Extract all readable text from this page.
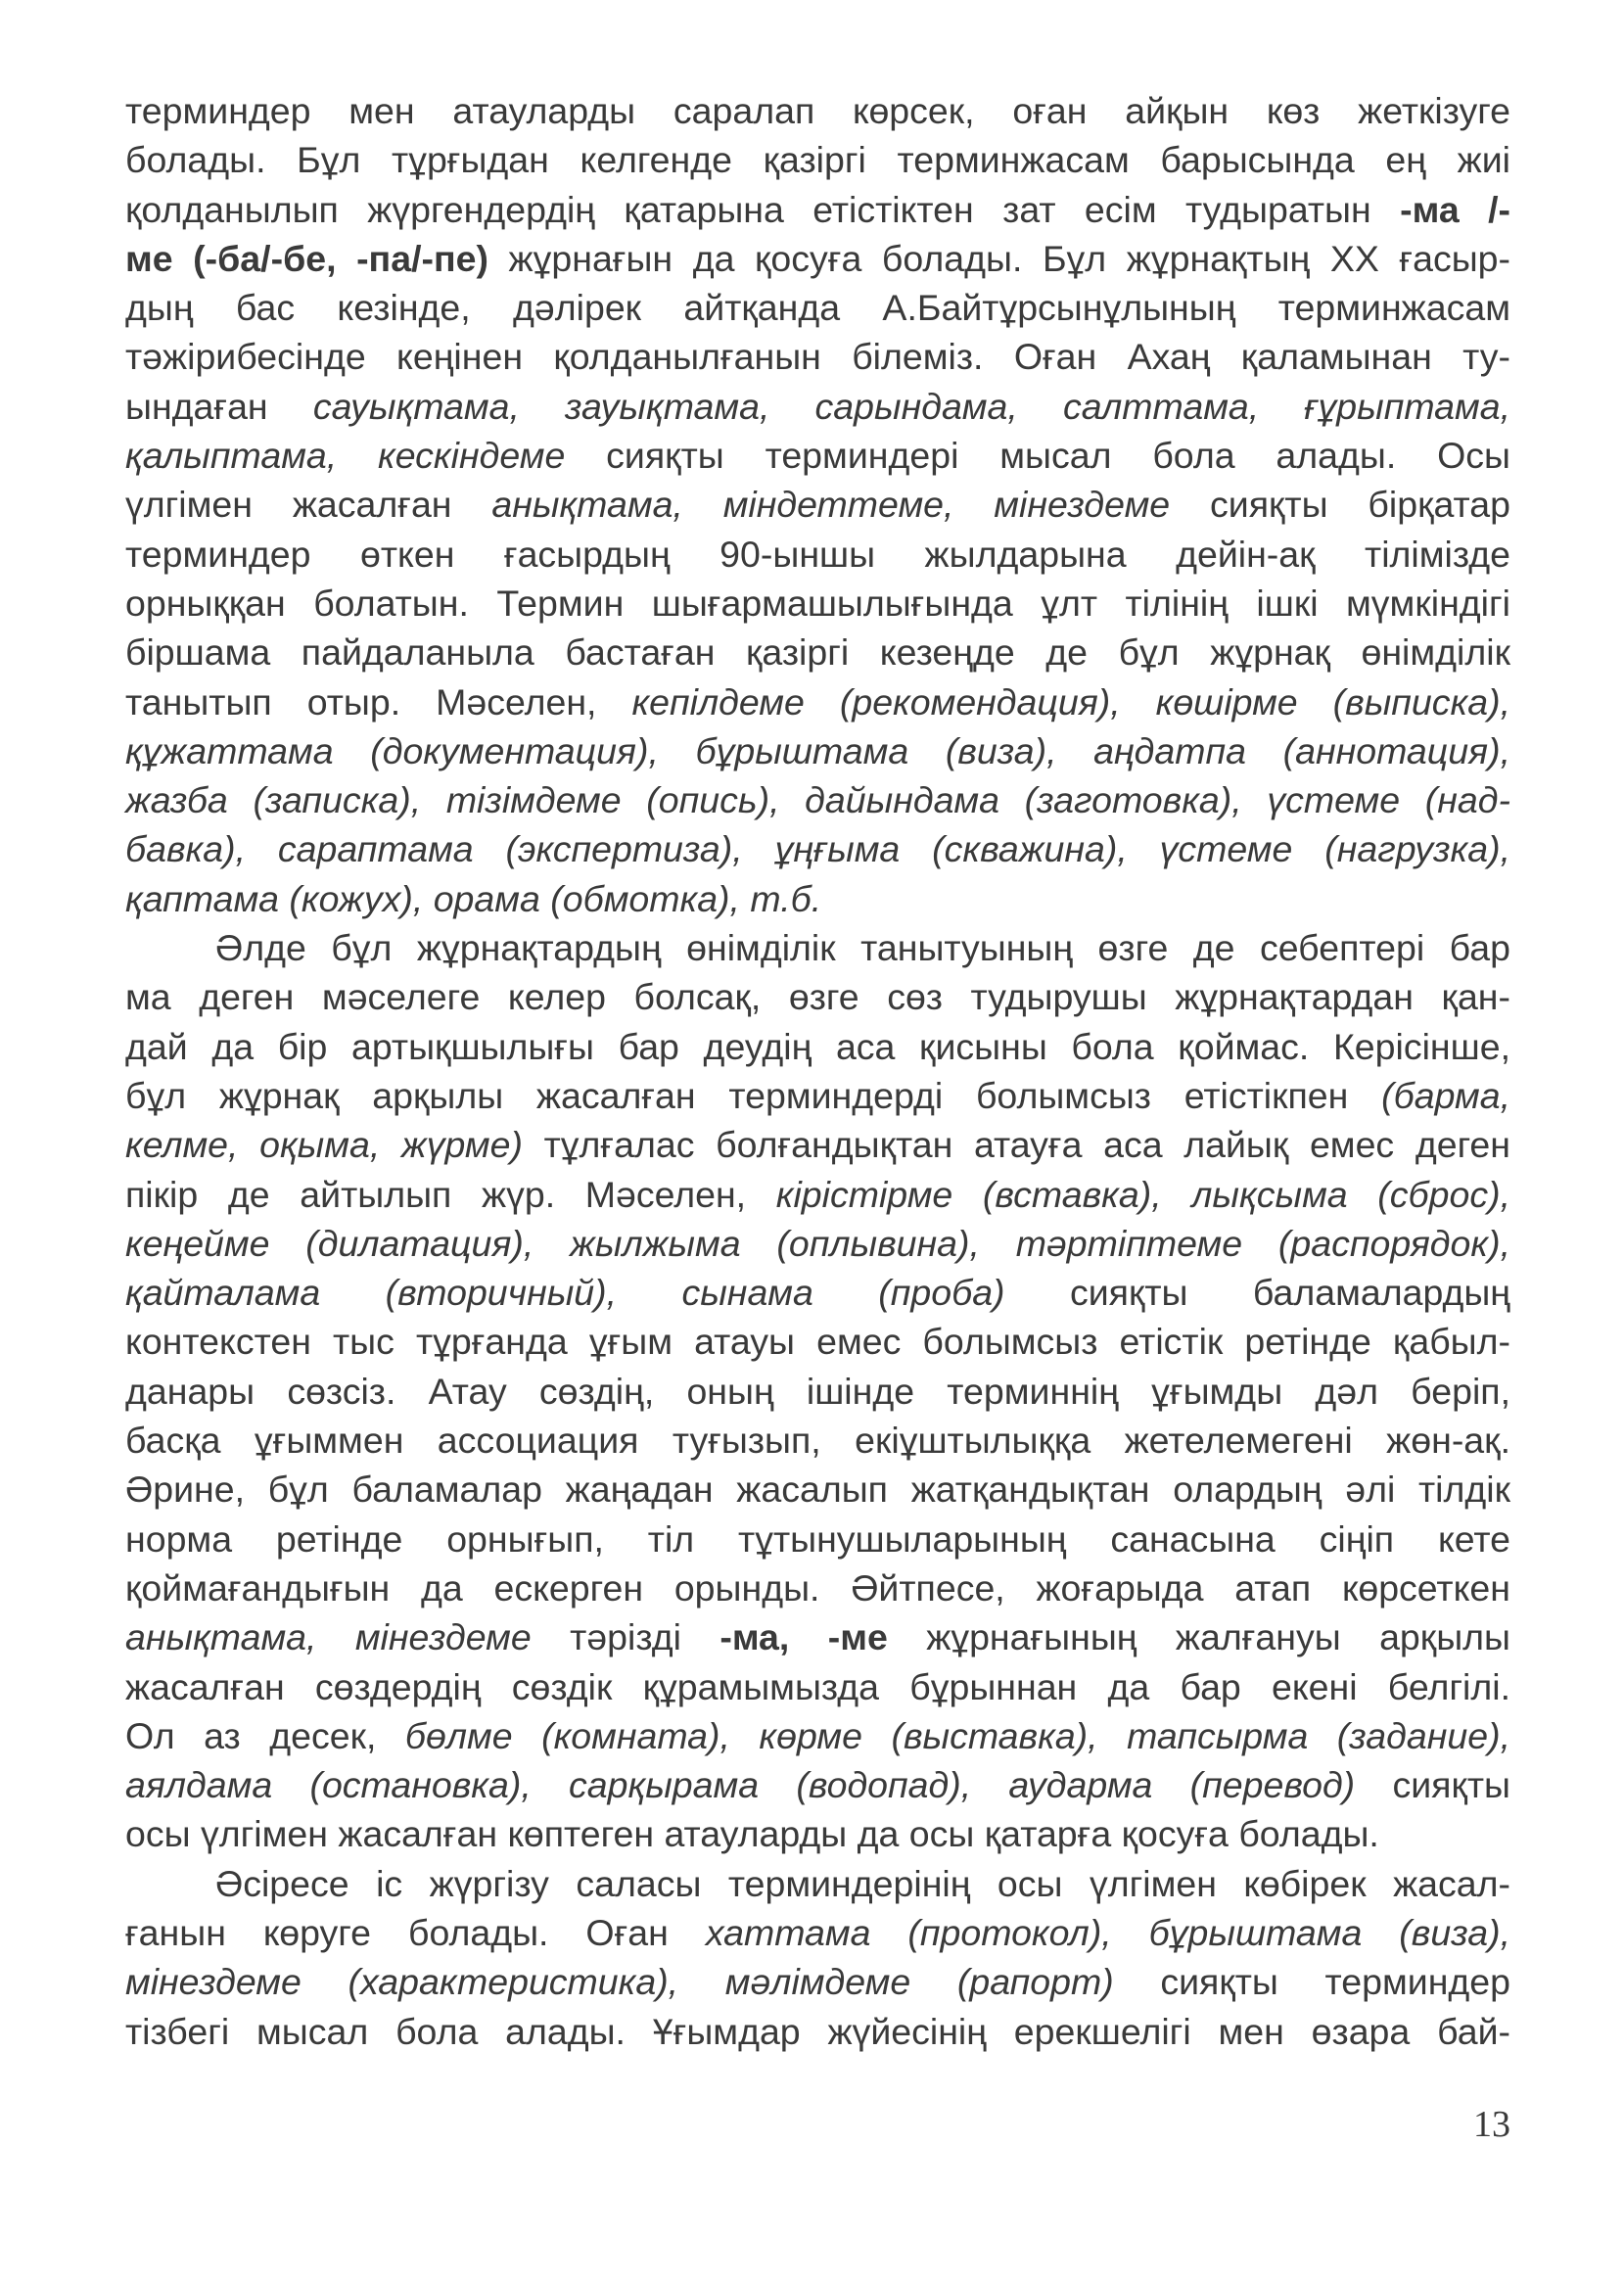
терминдер мен атауларды саралап көрсек, оған айқын көз жеткізуге
болады. Бұл тұрғыдан келгенде қазіргі терминжасам барысында ең жиі
қолданылып жүргендердің қатарына етістіктен зат есім тудыратын -ма /-
ме (-ба/-бе, -па/-пе) жұрнағын да қосуға болады. Бұл жұрнақтың XX ғасыр-
дың бас кезінде, дәлірек айтқанда А.Байтұрсынұлының терминжасам
тәжірибесінде кеңінен қолданылғанын білеміз. Оған Ахаң қаламынан ту-
ындаған сауықтама, зауықтама, сарындама, салттама, ғұрыптама,
қалыптама, кескіндеме сияқты терминдері мысал бола алады. Осы
үлгімен жасалған анықтама, міндеттеме, мінездеме сияқты бірқатар
терминдер өткен ғасырдың 90-ыншы жылдарына дейін-ақ тілімізде
орныққан болатын. Термин шығармашылығында ұлт тілінің ішкі мүмкіндігі
біршама пайдаланыла бастаған қазіргі кезеңде де бұл жұрнақ өнімділік
танытып отыр. Мәселен, кепілдеме (рекомендация), көшірме (выписка),
құжаттама (документация), бұрыштама (виза), аңдатпа (аннотация),
жазба (записка), тізімдеме (опись), дайындама (заготовка), үстеме (над-
бавка), сараптама (экспертиза), ұңғыма (скважина), үстеме (нагрузка),
қаптама (кожух), орама (обмотка), т.б.
Әлде бұл жұрнақтардың өнімділік танытуының өзге де себептері бар
ма деген мәселеге келер болсақ, өзге сөз тудырушы жұрнақтардан қан-
дай да бір артықшылығы бар деудің аса қисыны бола қоймас. Керісінше,
бұл жұрнақ арқылы жасалған терминдерді болымсыз етістікпен (барма,
келме, оқыма, жүрме) тұлғалас болғандықтан атауға аса лайық емес деген
пікір де айтылып жүр. Мәселен, кірістірме (вставка), лықсыма (сброс),
кеңейме (дилатация), жылжыма (оплывина), тәртіптеме (распорядок),
қайталама (вторичный), сынама (проба) сияқты баламалардың
контекстен тыс тұрғанда ұғым атауы емес болымсыз етістік ретінде қабыл-
данары сөзсіз. Атау сөздің, оның ішінде терминнің ұғымды дәл беріп,
басқа ұғыммен ассоциация туғызып, екіұштылыққа жетелемегені жөн-ақ.
Әрине, бұл баламалар жаңадан жасалып жатқандықтан олардың әлі тілдік
норма ретінде орнығып, тіл тұтынушыларының санасына сіңіп кете
қоймағандығын да ескерген орынды. Әйтпесе, жоғарыда атап көрсеткен
анықтама, мінездеме тәрізді -ма, -ме жұрнағының жалғануы арқылы
жасалған сөздердің сөздік құрамымызда бұрыннан да бар екені белгілі.
Ол аз десек, бөлме (комната), көрме (выставка), тапсырма (задание),
аялдама (остановка), сарқырама (водопад), аударма (перевод) сияқты
осы үлгімен жасалған көптеген атауларды да осы қатарға қосуға болады.
Әсіресе іс жүргізу саласы терминдерінің осы үлгімен көбірек жасал-
ғанын көруге болады. Оған хаттама (протокол), бұрыштама (виза),
мінездеме (характеристика), мәлімдеме (рапорт) сияқты терминдер
тізбегі мысал бола алады. Ұғымдар жүйесінің ерекшелігі мен өзара бай-
13
